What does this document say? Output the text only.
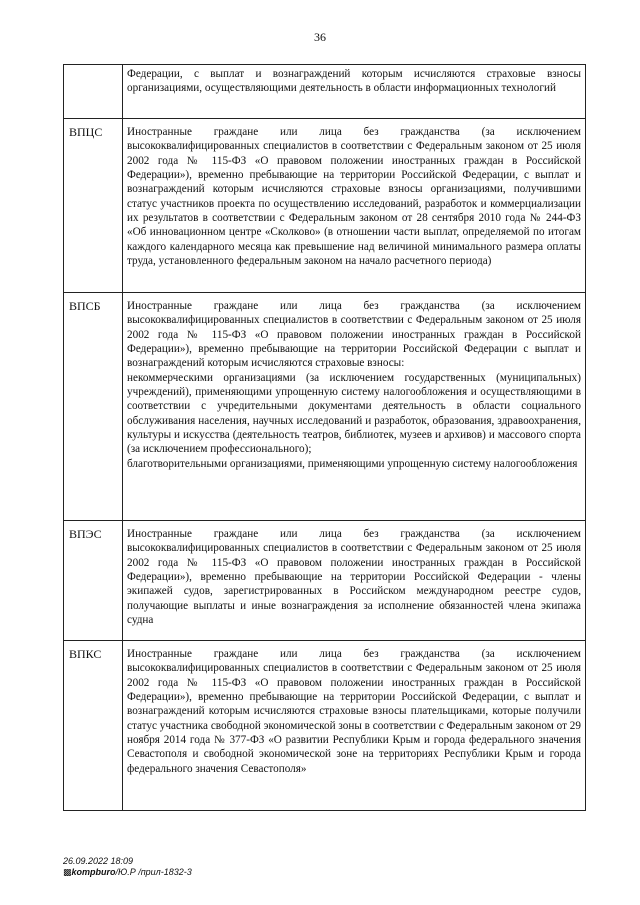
36

	Федерации, с выплат и вознаграждений которым исчисляются страховые взносы организациями, осуществляющими деятельность в области информационных технологий

ВПЦС	Иностранные граждане или лица без гражданства (за исключением высококвалифицированных специалистов в соответствии с Федеральным законом от 25 июля 2002 года № 115-ФЗ «О правовом положении иностранных граждан в Российской Федерации»), временно пребывающие на территории Российской Федерации, с выплат и вознаграждений которым исчисляются страховые взносы организациями, получившими статус участников проекта по осуществлению исследований, разработок и коммерциализации их результатов в соответствии с Федеральным законом от 28 сентября 2010 года № 244-ФЗ «Об инновационном центре «Сколково» (в отношении части выплат, определяемой по итогам каждого календарного месяца как превышение над величиной минимального размера оплаты труда, установленного федеральным законом на начало расчетного периода)

ВПСБ	Иностранные граждане или лица без гражданства (за исключением высококвалифицированных специалистов в соответствии с Федеральным законом от 25 июля 2002 года № 115-ФЗ «О правовом положении иностранных граждан в Российской Федерации»), временно пребывающие на территории Российской Федерации с выплат и вознаграждений которым исчисляются страховые взносы:
некоммерческими организациями (за исключением государственных (муниципальных) учреждений), применяющими упрощенную систему налогообложения и осуществляющими в соответствии с учредительными документами деятельность в области социального обслуживания населения, научных исследований и разработок, образования, здравоохранения, культуры и искусства (деятельность театров, библиотек, музеев и архивов) и массового спорта (за исключением профессионального);
благотворительными организациями, применяющими упрощенную систему налогообложения

ВПЭС	Иностранные граждане или лица без гражданства (за исключением высококвалифицированных специалистов в соответствии с Федеральным законом от 25 июля 2002 года № 115-ФЗ «О правовом положении иностранных граждан в Российской Федерации»), временно пребывающие на территории Российской Федерации - члены экипажей судов, зарегистрированных в Российском международном реестре судов, получающие выплаты и иные вознаграждения за исполнение обязанностей члена экипажа судна

ВПКС	Иностранные граждане или лица без гражданства (за исключением высококвалифицированных специалистов в соответствии с Федеральным законом от 25 июля 2002 года № 115-ФЗ «О правовом положении иностранных граждан в Российской Федерации»), временно пребывающие на территории Российской Федерации, с выплат и вознаграждений которым исчисляются страховые взносы плательщиками, которые получили статус участника свободной экономической зоны в соответствии с Федеральным законом от 29 ноября 2014 года № 377-ФЗ «О развитии Республики Крым и города федерального значения Севастополя и свободной экономической зоне на территориях Республики Крым и города федерального значения Севастополя»
26.09.2022 18:09
▩kompburo/Ю.Р /прил-1832-3
